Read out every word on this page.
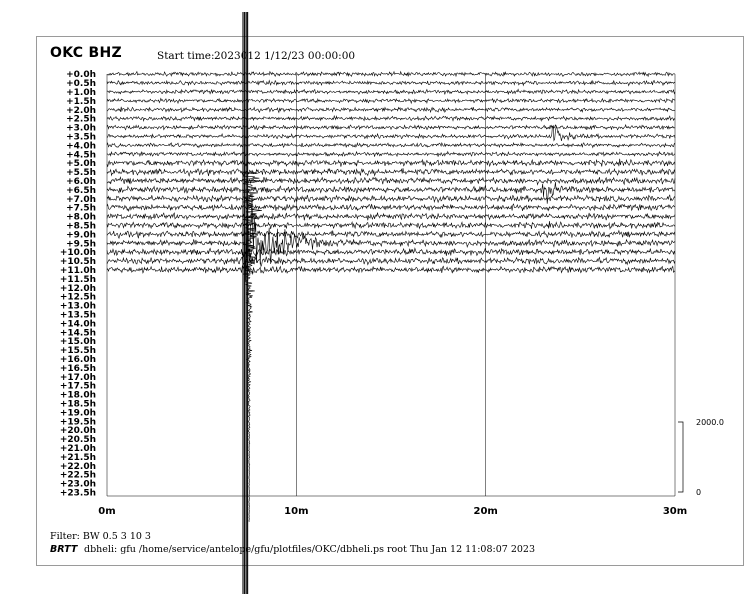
OKC BHZ	Start time: 2023012 1/12/23 00:00:00
+0.0h
+0.5h
+1.0h
+1.5h
+2.0h
+2.5h
+3.0h
+3.5h
+4.0h
+4.5h
+5.0h
+5.5h
+6.0h
+6.5h
+7.0h
+7.5h
+8.0h
+8.5h
+9.0h
+9.5h
+10.0h
+10.5h
+11.0h
+11.5h
+12.0h
+12.5h
+13.0h
+13.5h
+14.0h
+14.5h
+15.0h
+15.5h
+16.0h
+16.5h
+17.0h
+17.5h
+18.0h
+18.5h
+19.0h
+19.5h
+20.0h
+20.5h
+21.0h
+21.5h
+22.0h
+22.5h
+23.0h
+23.5h
0m	10m	20m	30m
2000.0
0
Filter: BW 0.5 3 10 3
BRTT dbheli: gfu /home/service/antelope/gfu/plotfiles/OKC/dbheli.ps root Thu Jan 12 11:08:07 2023
